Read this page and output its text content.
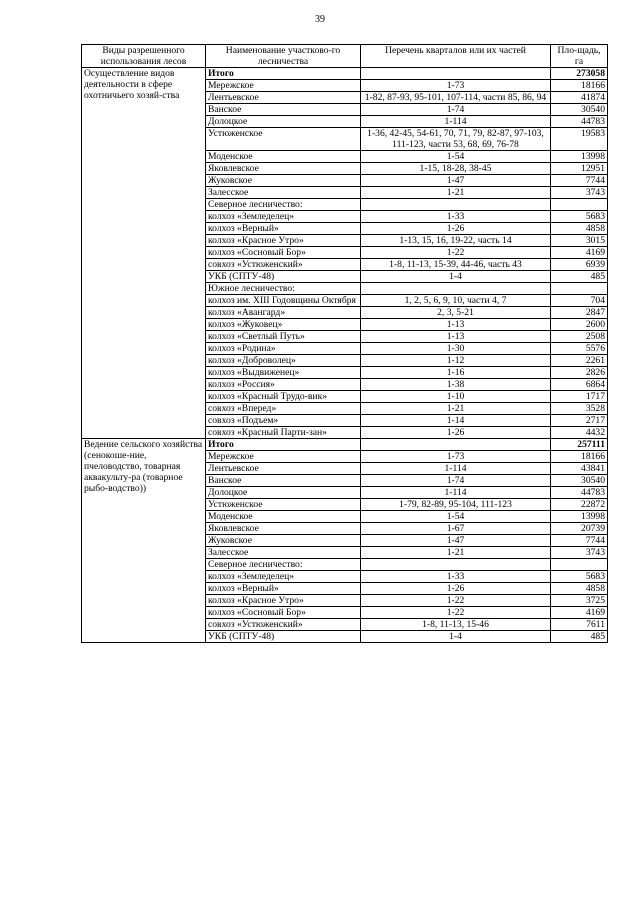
39
Виды разрешенного использования лесов	Наименование участково-го лесничества	Перечень кварталов или их частей	Пло-щадь, га
Осуществление видов деятельности в сфере охотничьего хозяй-ства	Итого		273058
	Мережское	1-73	18166
	Лентьевское	1-82, 87-93, 95-101, 107-114, части 85, 86, 94	41874
	Ванское	1-74	30540
	Долоцкое	1-114	44783
	Устюженское	1-36, 42-45, 54-61, 70, 71, 79, 82-87, 97-103, 111-123, части 53, 68, 69, 76-78	19583
	Моденское	1-54	13998
	Яковлевское	1-15, 18-28, 38-45	12951
	Жуковское	1-47	7744
	Залесское	1-21	3743
	Северное лесничество:		
	колхоз «Земледелец»	1-33	5683
	колхоз «Верный»	1-26	4858
	колхоз «Красное Утро»	1-13, 15, 16, 19-22, часть 14	3015
	колхоз «Сосновый Бор»	1-22	4169
	совхоз «Устюженский»	1-8, 11-13, 15-39, 44-46, часть 43	6939
	УКБ (СПТУ-48)	1-4	485
	Южное лесничество:		
	колхоз им. XIII Годовщины Октября	1, 2, 5, 6, 9, 10, части 4, 7	704
	колхоз «Авангард»	2, 3, 5-21	2847
	колхоз «Жуковец»	1-13	2600
	колхоз «Светлый Путь»	1-13	2508
	колхоз «Родина»	1-30	5576
	колхоз «Доброволец»	1-12	2261
	колхоз «Выдвиженец»	1-16	2826
	колхоз «Россия»	1-38	6864
	колхоз «Красный Трудо-вик»	1-10	1717
	совхоз «Вперед»	1-21	3528
	совхоз «Подъем»	1-14	2717
	совхоз «Красный Парти-зан»	1-26	4432
Ведение сельского хозяйства (сенокоше-ние, пчеловодство, товарная аквакульту-ра (товарное рыбо-водство))	Итого		257111
	Мережское	1-73	18166
	Лентьевское	1-114	43841
	Ванское	1-74	30540
	Долоцкое	1-114	44783
	Устюженское	1-79, 82-89, 95-104, 111-123	22872
	Моденское	1-54	13998
	Яковлевское	1-67	20739
	Жуковское	1-47	7744
	Залесское	1-21	3743
	Северное лесничество:		
	колхоз «Земледелец»	1-33	5683
	колхоз «Верный»	1-26	4858
	колхоз «Красное Утро»	1-22	3725
	колхоз «Сосновый Бор»	1-22	4169
	совхоз «Устюженский»	1-8, 11-13, 15-46	7611
	УКБ (СПТУ-48)	1-4	485
